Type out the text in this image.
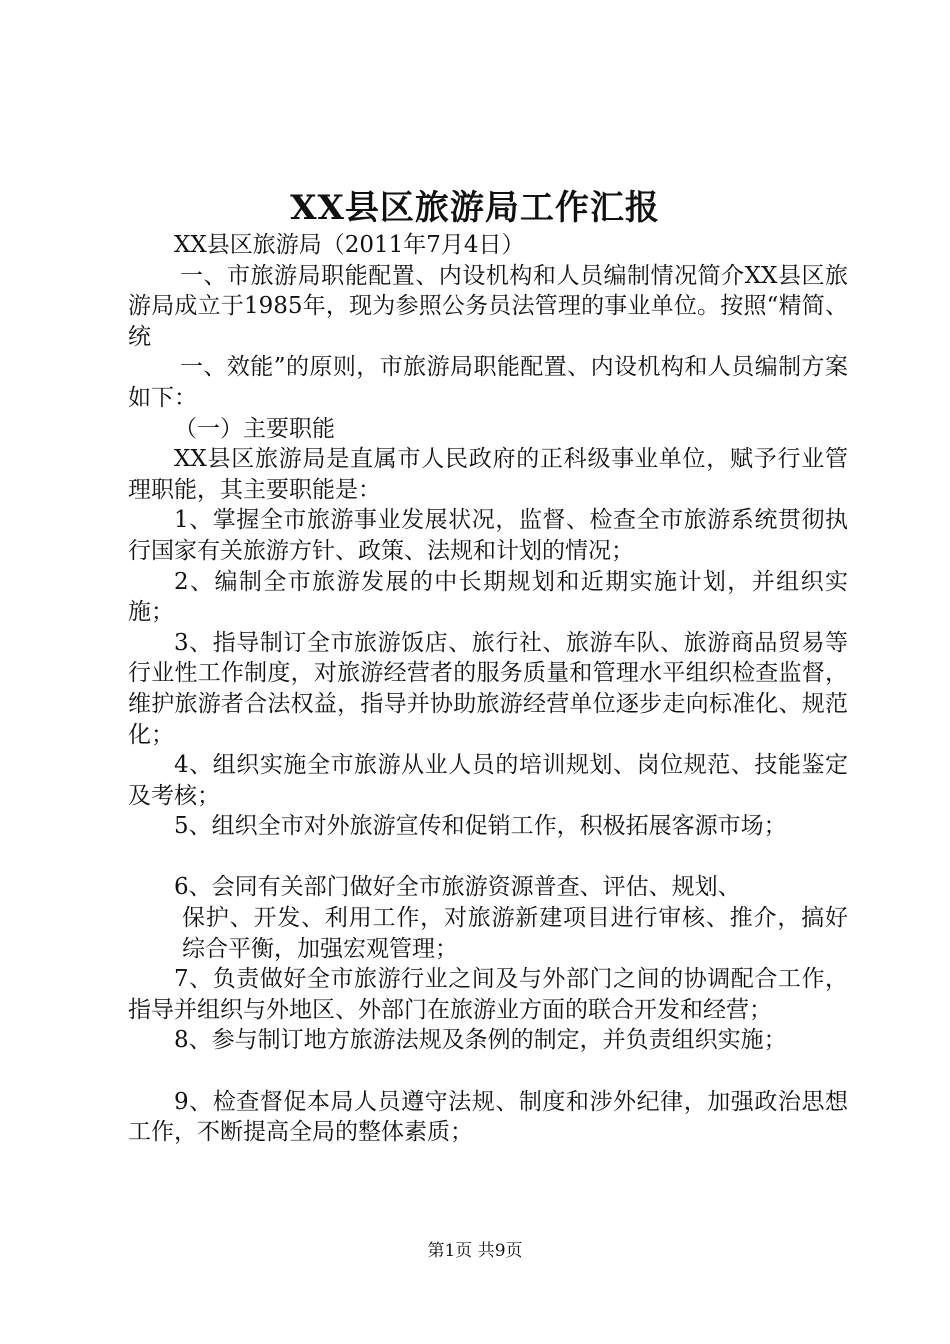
XX县区旅游局工作汇报

XX县区旅游局（2011年7月4日）

一、市旅游局职能配置、内设机构和人员编制情况简介XX县区旅游局成立于1985年，现为参照公务员法管理的事业单位。按照“精简、统

一、效能”的原则，市旅游局职能配置、内设机构和人员编制方案如下：

（一）主要职能

XX县区旅游局是直属市人民政府的正科级事业单位，赋予行业管理职能，其主要职能是：

1、掌握全市旅游事业发展状况，监督、检查全市旅游系统贯彻执行国家有关旅游方针、政策、法规和计划的情况；

2、编制全市旅游发展的中长期规划和近期实施计划，并组织实施；

3、指导制订全市旅游饭店、旅行社、旅游车队、旅游商品贸易等行业性工作制度，对旅游经营者的服务质量和管理水平组织检查监督，维护旅游者合法权益，指导并协助旅游经营单位逐步走向标准化、规范化；

4、组织实施全市旅游从业人员的培训规划、岗位规范、技能鉴定及考核；

5、组织全市对外旅游宣传和促销工作，积极拓展客源市场；

6、会同有关部门做好全市旅游资源普查、评估、规划、

保护、开发、利用工作，对旅游新建项目进行审核、推介，搞好综合平衡，加强宏观管理；

7、负责做好全市旅游行业之间及与外部门之间的协调配合工作，指导并组织与外地区、外部门在旅游业方面的联合开发和经营；

8、参与制订地方旅游法规及条例的制定，并负责组织实施；

9、检查督促本局人员遵守法规、制度和涉外纪律，加强政治思想工作，不断提高全局的整体素质；

第1页 共9页
